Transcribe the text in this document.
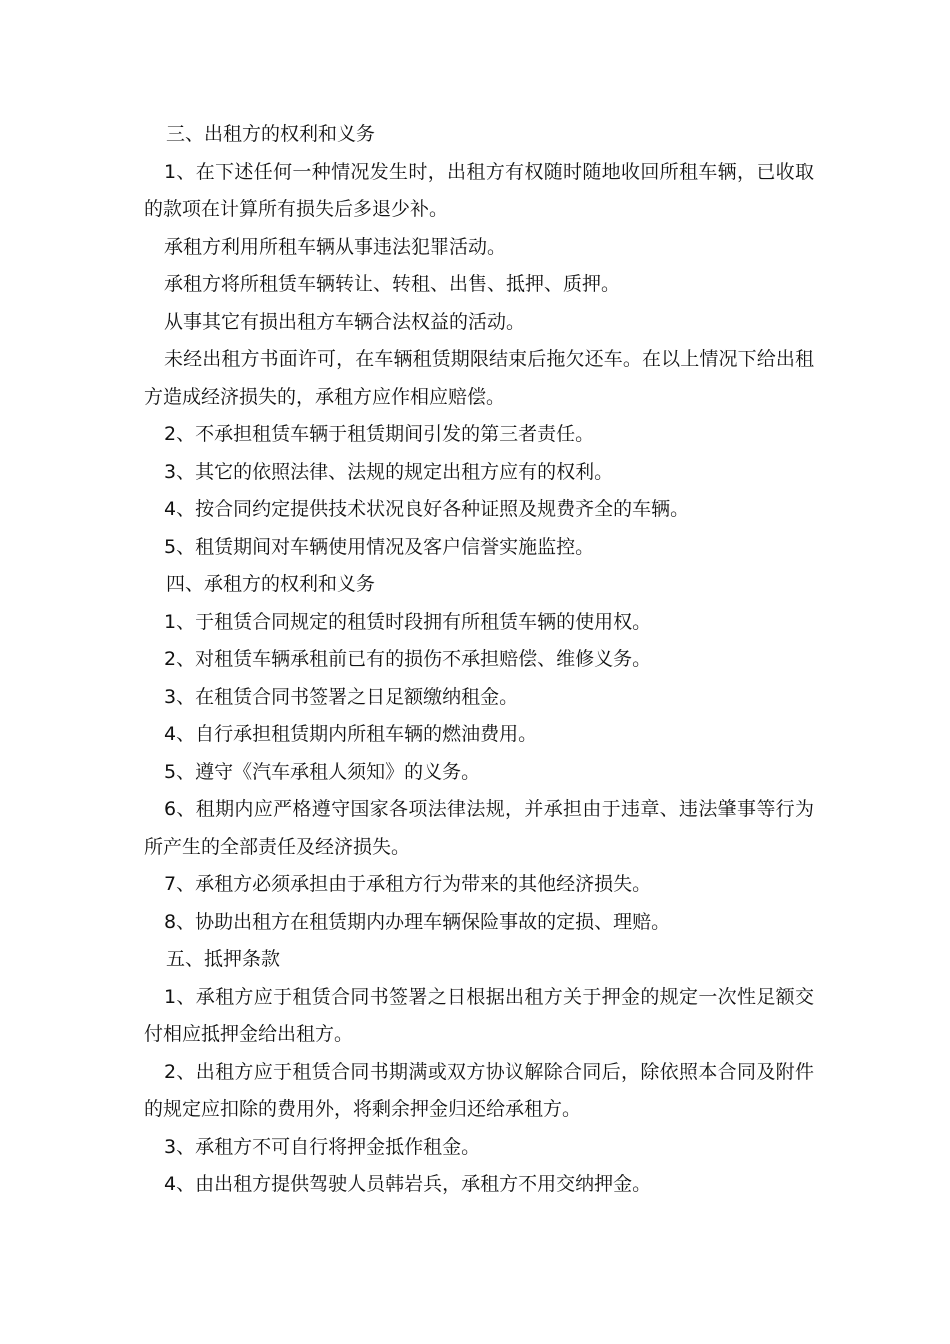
三、出租方的权利和义务

1、在下述任何一种情况发生时，出租方有权随时随地收回所租车辆，已收取的款项在计算所有损失后多退少补。

承租方利用所租车辆从事违法犯罪活动。

承租方将所租赁车辆转让、转租、出售、抵押、质押。

从事其它有损出租方车辆合法权益的活动。

未经出租方书面许可，在车辆租赁期限结束后拖欠还车。在以上情况下给出租方造成经济损失的，承租方应作相应赔偿。

2、不承担租赁车辆于租赁期间引发的第三者责任。

3、其它的依照法律、法规的规定出租方应有的权利。

4、按合同约定提供技术状况良好各种证照及规费齐全的车辆。

5、租赁期间对车辆使用情况及客户信誉实施监控。

四、承租方的权利和义务

1、于租赁合同规定的租赁时段拥有所租赁车辆的使用权。

2、对租赁车辆承租前已有的损伤不承担赔偿、维修义务。

3、在租赁合同书签署之日足额缴纳租金。

4、自行承担租赁期内所租车辆的燃油费用。

5、遵守《汽车承租人须知》的义务。

6、租期内应严格遵守国家各项法律法规，并承担由于违章、违法肇事等行为所产生的全部责任及经济损失。

7、承租方必须承担由于承租方行为带来的其他经济损失。

8、协助出租方在租赁期内办理车辆保险事故的定损、理赔。

五、抵押条款

1、承租方应于租赁合同书签署之日根据出租方关于押金的规定一次性足额交付相应抵押金给出租方。

2、出租方应于租赁合同书期满或双方协议解除合同后，除依照本合同及附件的规定应扣除的费用外，将剩余押金归还给承租方。

3、承租方不可自行将押金抵作租金。

4、由出租方提供驾驶人员韩岩兵，承租方不用交纳押金。
